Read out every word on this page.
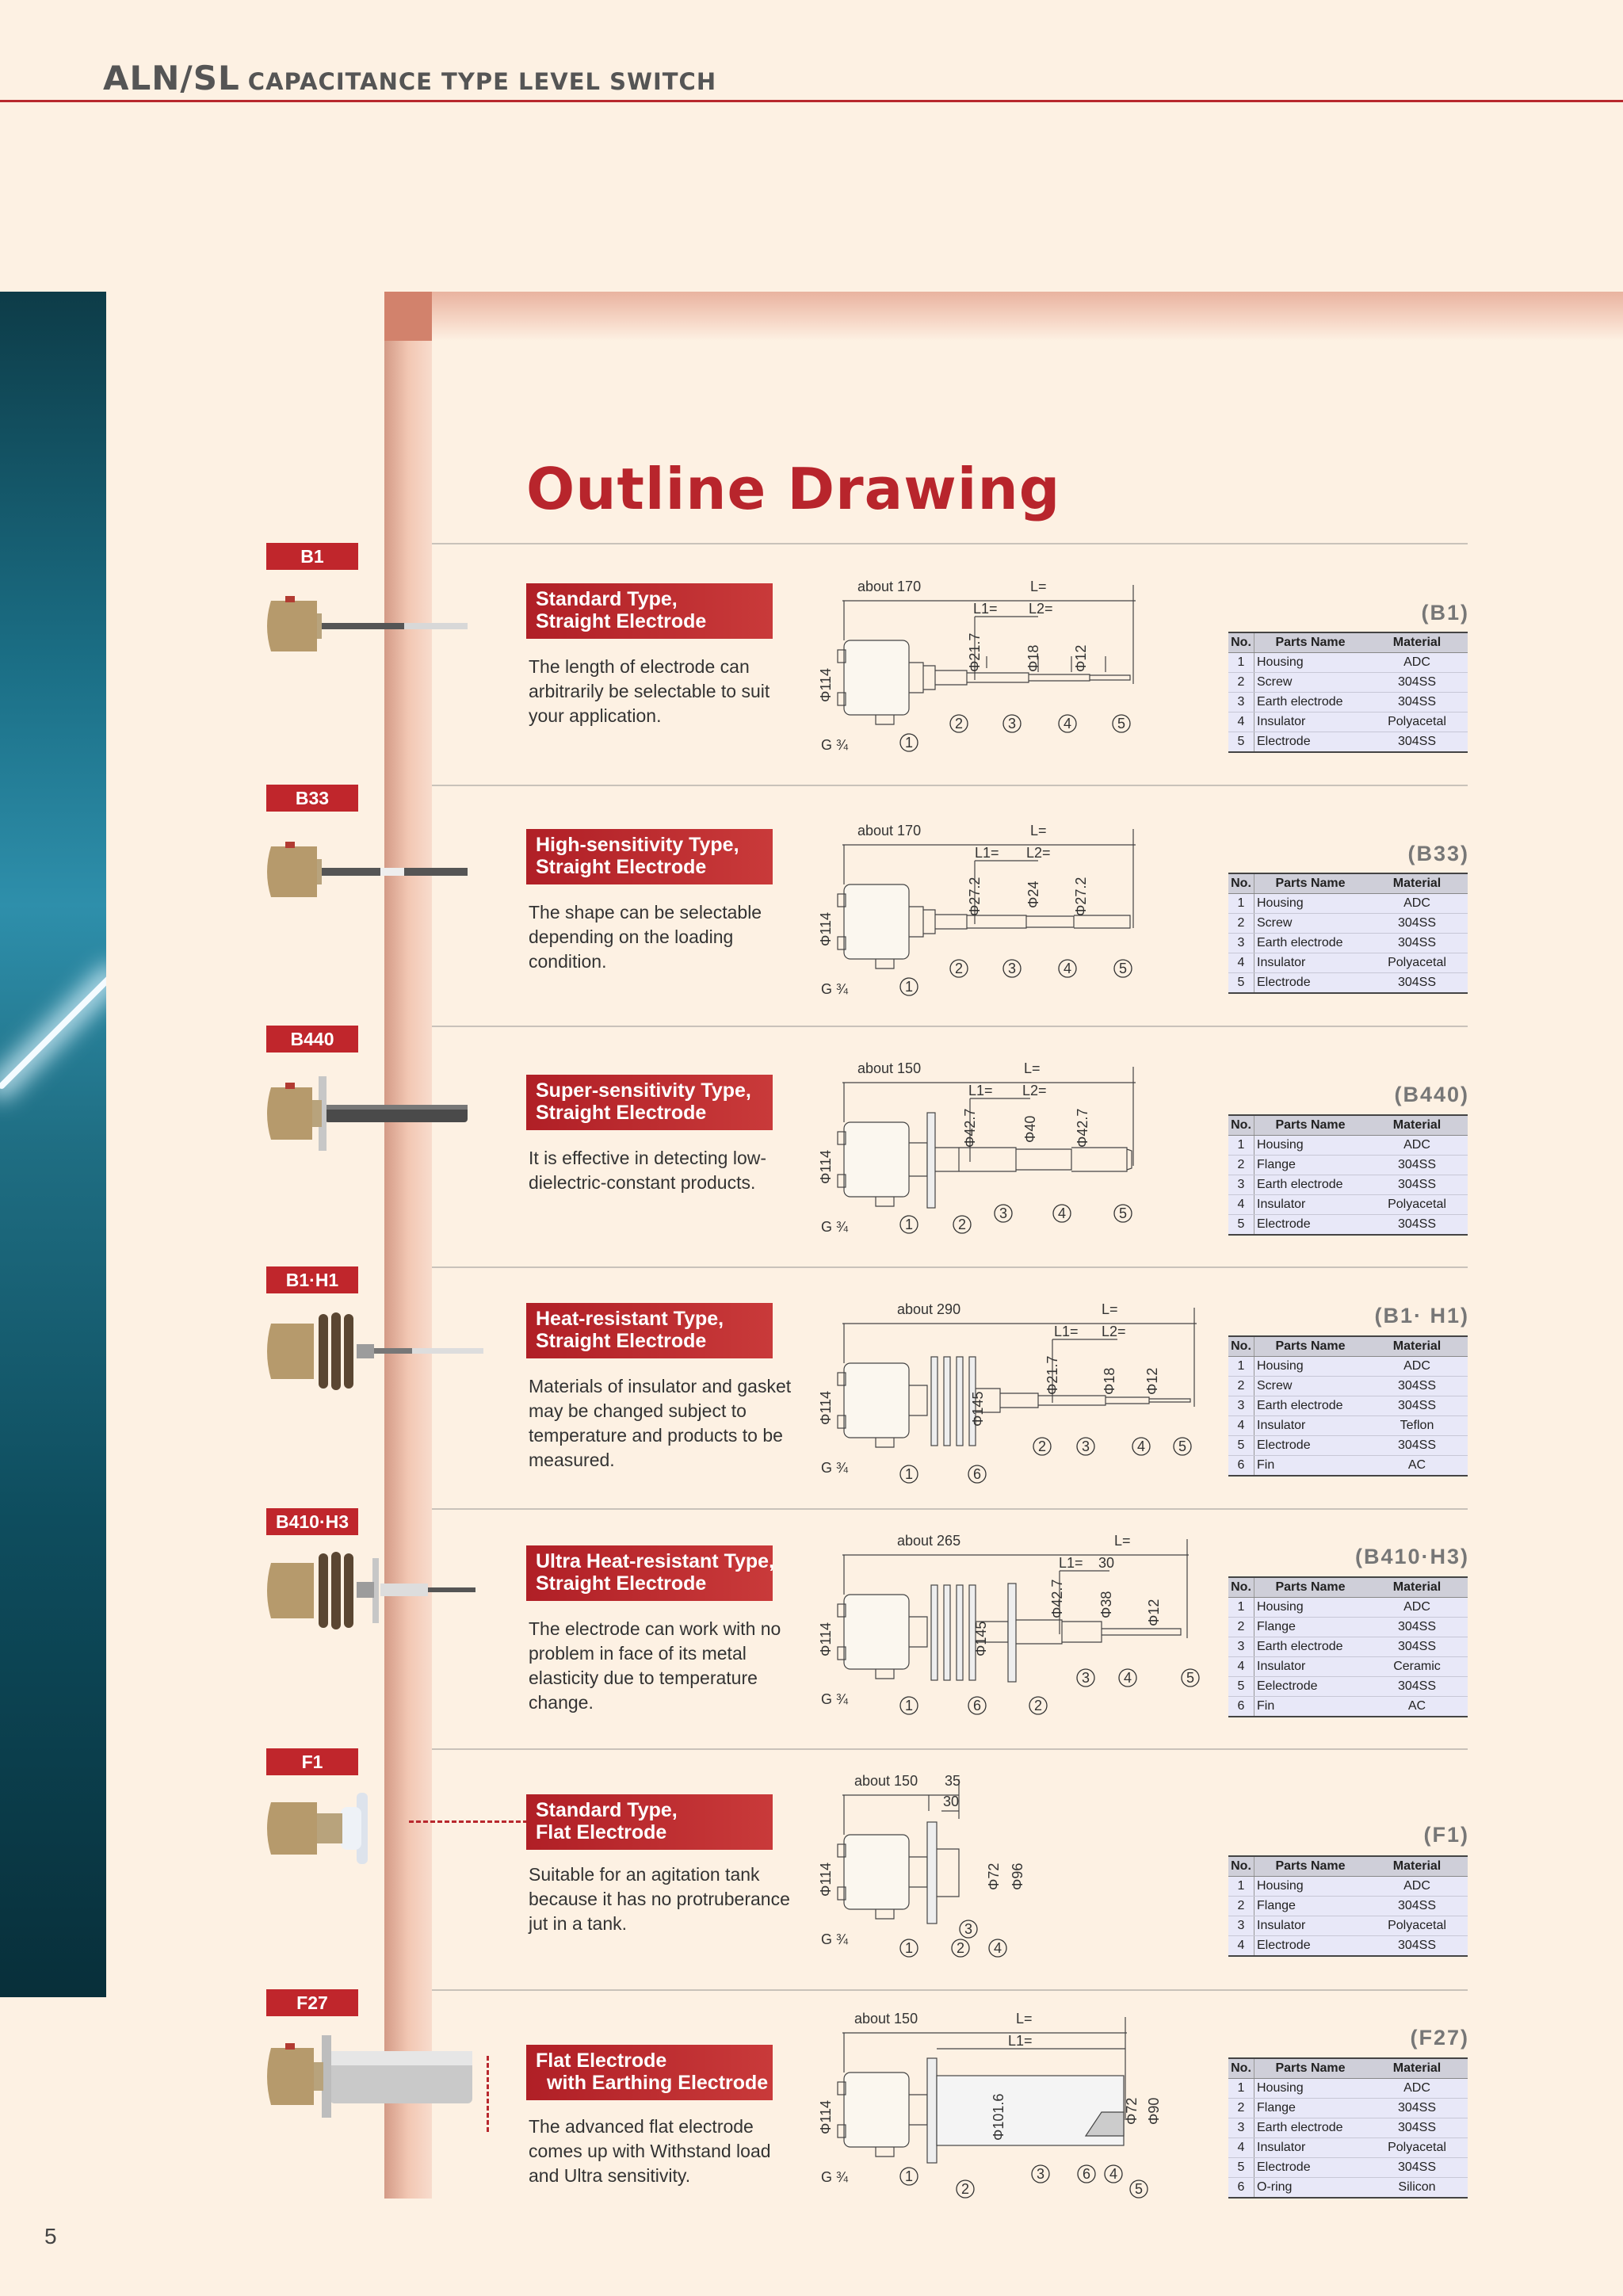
ALN/SL CAPACITANCE TYPE LEVEL SWITCH
Outline Drawing
B1
Standard Type,
Straight Electrode
The length of electrode can arbitrarily be selectable to suit your application.
about 170	L=
L1= L2=
Φ114
Φ21.7	Φ18 Φ12
G ¾	1
2	3	4	5
(B1)
No.	Parts Name	Material
1	Housing	ADC
2	Screw	304SS
3	Earth electrode	304SS
4	Insulator	Polyacetal
5	Electrode	304SS
B33
High-sensitivity Type,
Straight Electrode
The shape can be selectable depending on the loading condition.
about 170	L=
L1= L2=
Φ114
Φ27.2	Φ24 Φ27.2
G ¾	1
2	3	4	5
(B33)
No.	Parts Name	Material
1	Housing	ADC
2	Screw	304SS
3	Earth electrode	304SS
4	Insulator	Polyacetal
5	Electrode	304SS
B440
Super-sensitivity Type,
Straight Electrode
It is effective in detecting low-dielectric-constant products.
about 150	L=
L1= L2=
Φ114
Φ42.7	Φ40	Φ42.7
G ¾	1	2
3	4	5
(B440)
No.	Parts Name	Material
1	Housing	ADC
2	Flange	304SS
3	Earth electrode	304SS
4	Insulator	Polyacetal
5	Electrode	304SS
B1·H1
Heat-resistant Type,
Straight Electrode
Materials of insulator and gasket may be changed subject to temperature and products to be measured.
about 290	L=
L1= L2=
Φ114	Φ145
Φ21.7	Φ18 Φ12
G ¾	1	6
2 3	4 5
(B1· H1)
No.	Parts Name	Material
1	Housing	ADC
2	Screw	304SS
3	Earth electrode	304SS
4	Insulator	Teflon
5	Electrode	304SS
6	Fin	AC
B410·H3
Ultra Heat-resistant Type,
Straight Electrode
The electrode can work with no problem in face of its metal elasticity due to temperature change.
about 265	L=
L1= 30
Φ114	Φ145
Φ42.7 Φ38 Φ12
G ¾	1	6	2
3 4	5
(B410·H3)
No.	Parts Name	Material
1	Housing	ADC
2	Flange	304SS
3	Earth electrode	304SS
4	Insulator	Ceramic
5	Eelectrode	304SS
6	Fin	AC
F1
Standard Type,
Flat Electrode
Suitable for an agitation tank because it has no protruberance jut in a tank.
about 150 35
30
Φ114	Φ72 Φ96
G ¾
1	2
3
4
(F1)
No.	Parts Name	Material
1	Housing	ADC
2	Flange	304SS
3	Insulator	Polyacetal
4	Electrode	304SS
F27
Flat Electrode
with Earthing Electrode
The advanced flat electrode comes up with Withstand load and Ultra sensitivity.
about 150	L=
L1=
Φ114	Φ101.6	Φ72 Φ90
G ¾	1
2
3	6 4
5
(F27)
No.	Parts Name	Material
1	Housing	ADC
2	Flange	304SS
3	Earth electrode	304SS
4	Insulator	Polyacetal
5	Electrode	304SS
6	O-ring	Silicon
5
